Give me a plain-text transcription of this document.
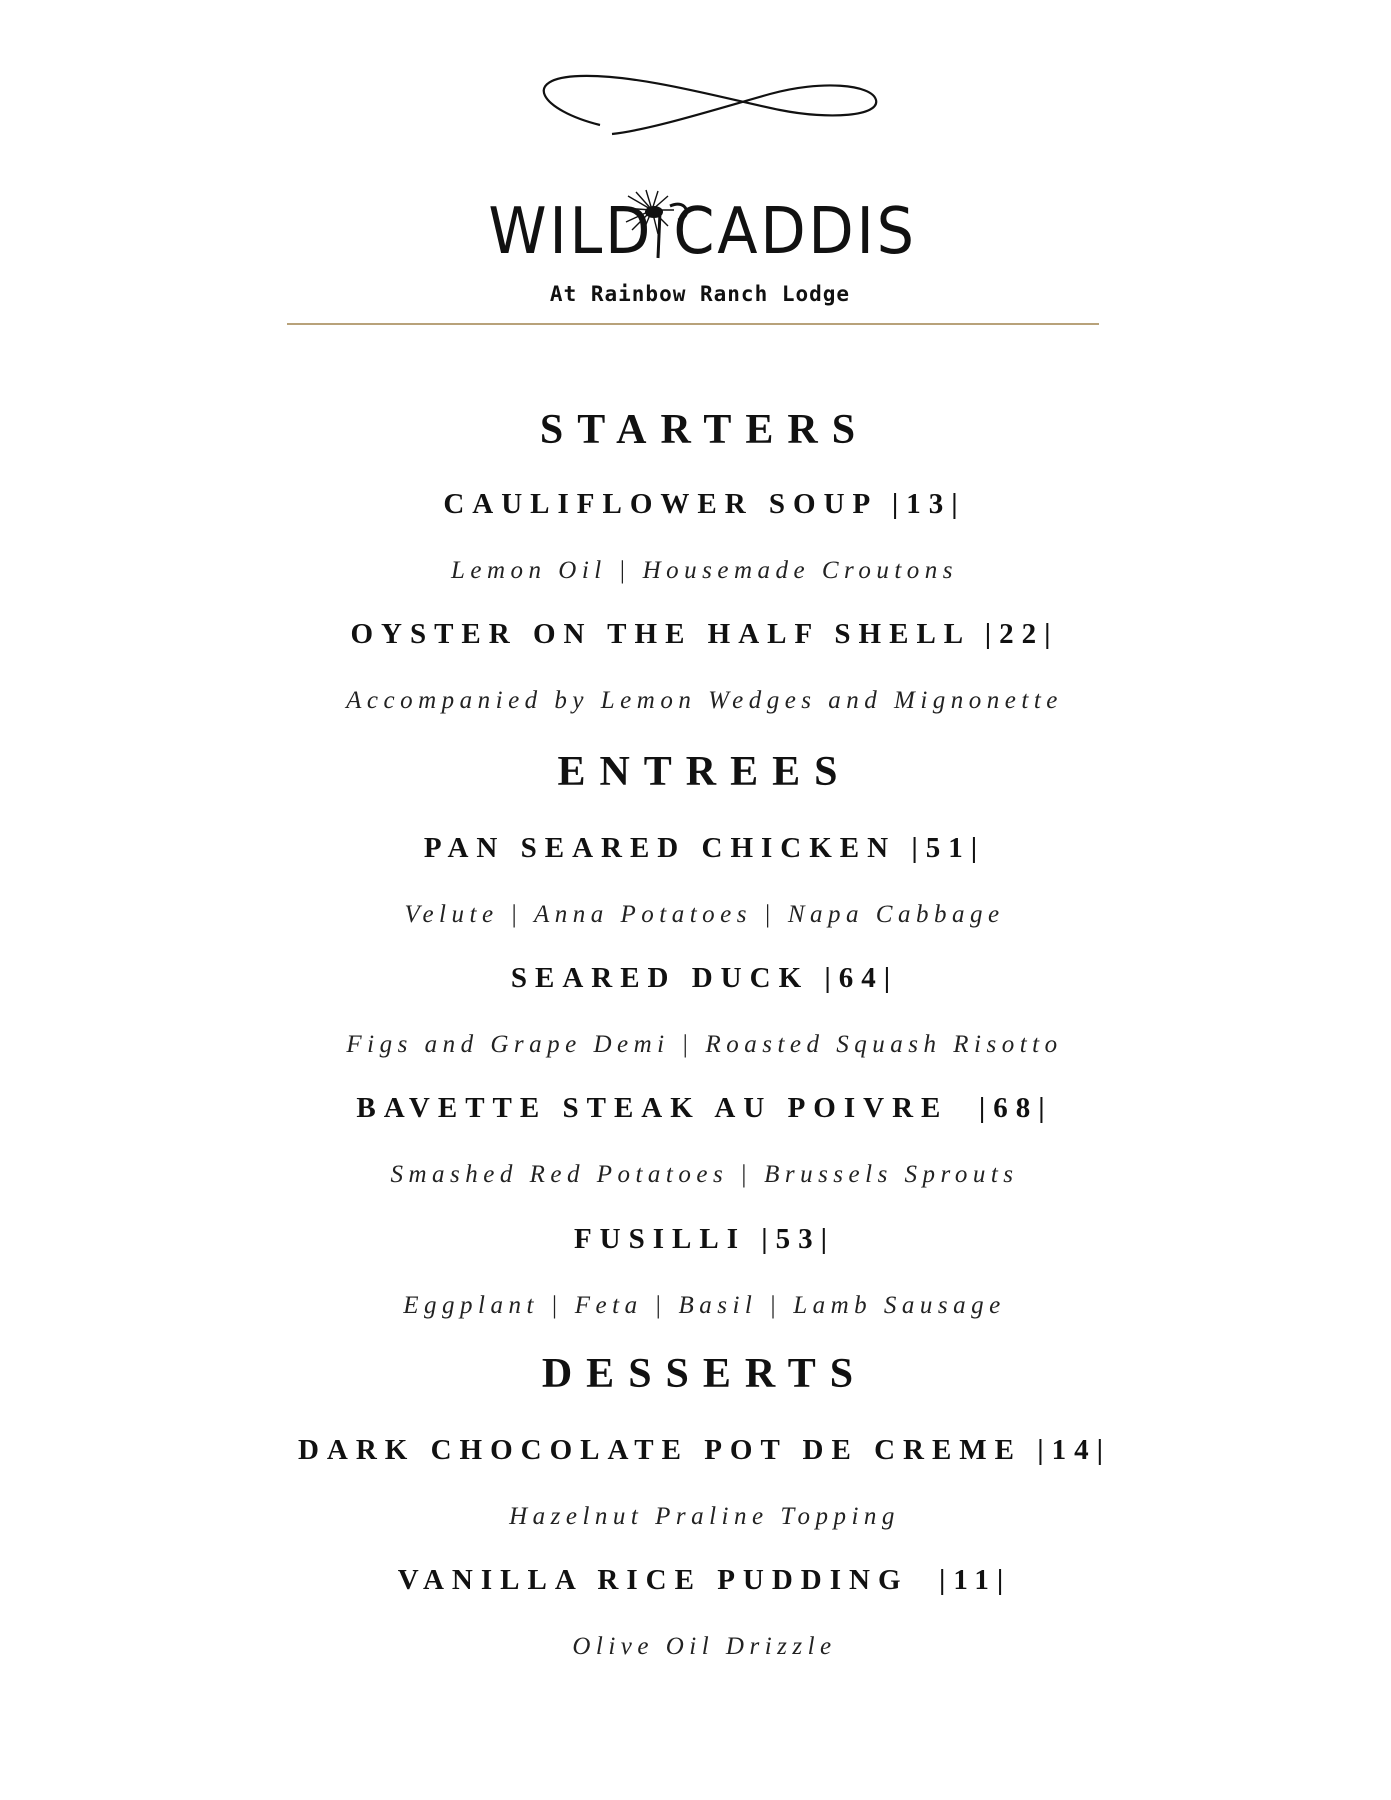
WILD CADDIS
At Rainbow Ranch Lodge
STARTERS
CAULIFLOWER SOUP |13|
Lemon Oil | Housemade Croutons
OYSTER ON THE HALF SHELL |22|
Accompanied by Lemon Wedges and Mignonette
ENTREES
PAN SEARED CHICKEN |51|
Velute | Anna Potatoes | Napa Cabbage
SEARED DUCK |64|
Figs and Grape Demi | Roasted Squash Risotto
BAVETTE STEAK AU POIVRE  |68|
Smashed Red Potatoes | Brussels Sprouts
FUSILLI |53|
Eggplant | Feta | Basil | Lamb Sausage
DESSERTS
DARK CHOCOLATE POT DE CREME |14|
Hazelnut Praline Topping
VANILLA RICE PUDDING  |11|
Olive Oil Drizzle
